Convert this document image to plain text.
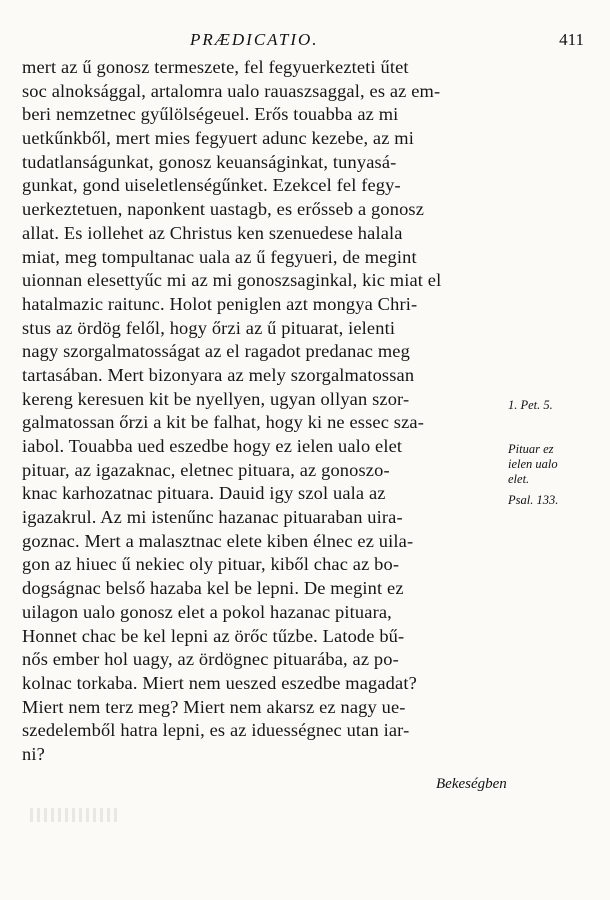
PRÆDICATIO.	411
mert az ű gonosz termeszete, fel fegyuerkezteti űtet
soc alnoksággal, artalomra ualo rauaszsaggal, es az em-
beri nemzetnec gyűlölségeuel. Erős touabba az mi
uetkűnkből, mert mies fegyuert adunc kezebe, az mi
tudatlanságunkat, gonosz keuanságinkat, tunyasá-
gunkat, gond uiseletlenségűnket. Ezekcel fel fegy-
uerkeztetuen, naponkent uastagb, es erősseb a gonosz
allat. Es iollehet az Christus ken szenuedese halala
miat, meg tompultanac uala az ű fegyueri, de megint
uionnan elesettyűc mi az mi gonoszsaginkal, kic miat el
hatalmazic raitunc. Holot peniglen azt mongya Chri-
stus az ördög felől, hogy őrzi az ű pituarat, ielenti
nagy szorgalmatosságat az el ragadot predanac meg
tartasában. Mert bizonyara az mely szorgalmatossan
kereng keresuen kit be nyellyen, ugyan ollyan szor-
galmatossan őrzi a kit be falhat, hogy ki ne essec sza-
iabol. Touabba ued eszedbe hogy ez ielen ualo elet
pituar, az igazaknac, eletnec pituara, az gonoszo-
knac karhozatnac pituara. Dauid igy szol uala az
igazakrul. Az mi istenűnc hazanac pituaraban uira-
goznac. Mert a malasztnac elete kiben élnec ez uila-
gon az hiuec ű nekiec oly pituar, kiből chac az bo-
dogságnac belső hazaba kel be lepni. De megint ez
uilagon ualo gonosz elet a pokol hazanac pituara,
Honnet chac be kel lepni az örőc tűzbe. Latode bű-
nős ember hol uagy, az ördögnec pituarába, az po-
kolnac torkaba. Miert nem ueszed eszedbe magadat?
Miert nem terz meg? Miert nem akarsz ez nagy ue-
szedelemből hatra lepni, es az iduességnec utan iar-
ni?
1. Pet. 5.
Pituar ez
ielen ualo
elet.
Psal. 133.
Bekeségben
